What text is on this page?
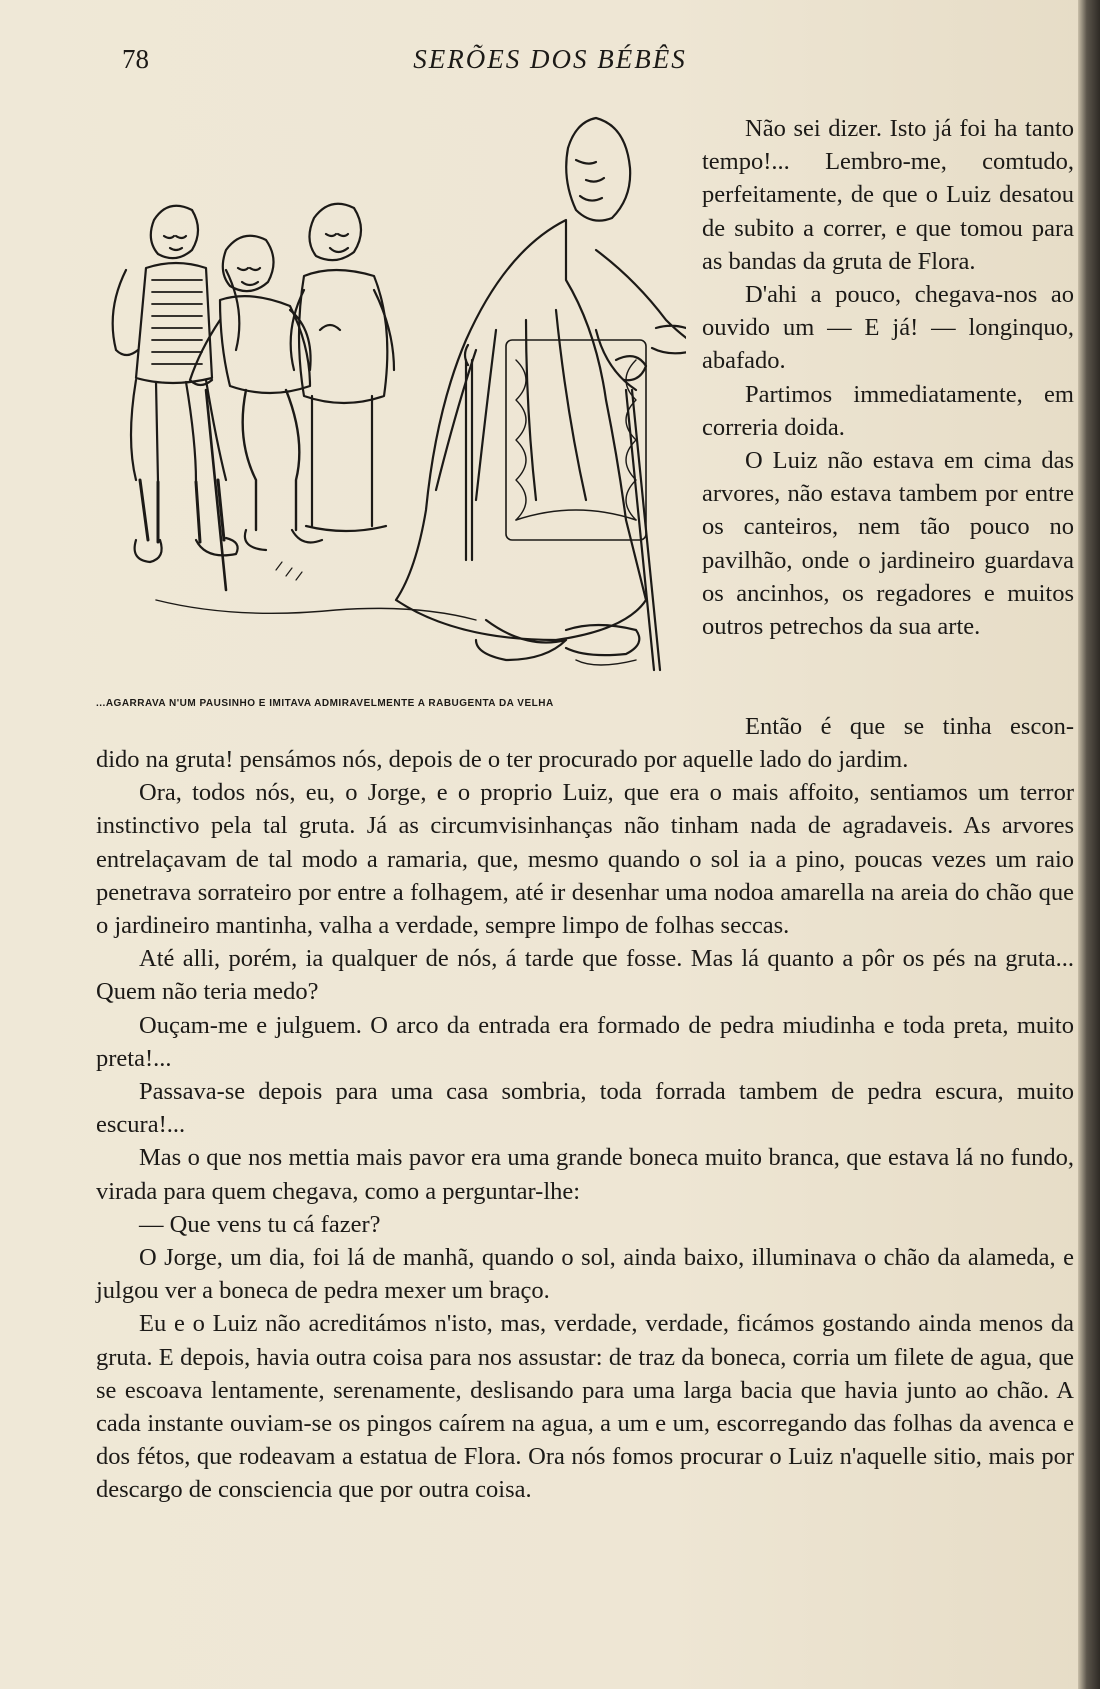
78	SERÕES DOS BÉBÊS
...AGARRAVA N'UM PAUSINHO E IMITAVA ADMIRAVELMENTE A RABUGENTA DA VELHA

Não sei dizer. Isto já foi ha tanto tempo!... Lembro-me, comtudo, perfeitamente, de que o Luiz desatou de subito a correr, e que tomou para as bandas da gruta de Flora.

D'ahi a pouco, chegava-nos ao ouvido um — E já! — longinquo, abafado.

Partimos immediatamente, em correria doida.

O Luiz não estava em cima das arvores, não estava tambem por entre os canteiros, nem tão pouco no pavilhão, onde o jardineiro guardava os ancinhos, os regadores e muitos outros petrechos da sua arte.

Então é que se tinha escon-

dido na gruta! pensámos nós, depois de o ter procurado por aquelle lado do jardim.

Ora, todos nós, eu, o Jorge, e o proprio Luiz, que era o mais affoito, sentiamos um terror instinctivo pela tal gruta. Já as circumvisinhanças não tinham nada de agradaveis. As arvores entrelaçavam de tal modo a ramaria, que, mesmo quando o sol ia a pino, poucas vezes um raio penetrava sorrateiro por entre a folhagem, até ir desenhar uma nodoa amarella na areia do chão que o jardineiro mantinha, valha a verdade, sempre limpo de folhas seccas.

Até alli, porém, ia qualquer de nós, á tarde que fosse. Mas lá quanto a pôr os pés na gruta... Quem não teria medo?

Ouçam-me e julguem. O arco da entrada era formado de pedra miudinha e toda preta, muito preta!...

Passava-se depois para uma casa sombria, toda forrada tambem de pedra escura, muito escura!...

Mas o que nos mettia mais pavor era uma grande boneca muito branca, que estava lá no fundo, virada para quem chegava, como a perguntar-lhe:

— Que vens tu cá fazer?

O Jorge, um dia, foi lá de manhã, quando o sol, ainda baixo, illuminava o chão da alameda, e julgou ver a boneca de pedra mexer um braço.

Eu e o Luiz não acreditámos n'isto, mas, verdade, verdade, ficámos gostando ainda menos da gruta. E depois, havia outra coisa para nos assustar: de traz da boneca, corria um filete de agua, que se escoava lentamente, serenamente, deslisando para uma larga bacia que havia junto ao chão. A cada instante ouviam-se os pingos caírem na agua, a um e um, escorregando das folhas da avenca e dos fétos, que rodeavam a estatua de Flora. Ora nós fomos procurar o Luiz n'aquelle sitio, mais por descargo de consciencia que por outra coisa.
